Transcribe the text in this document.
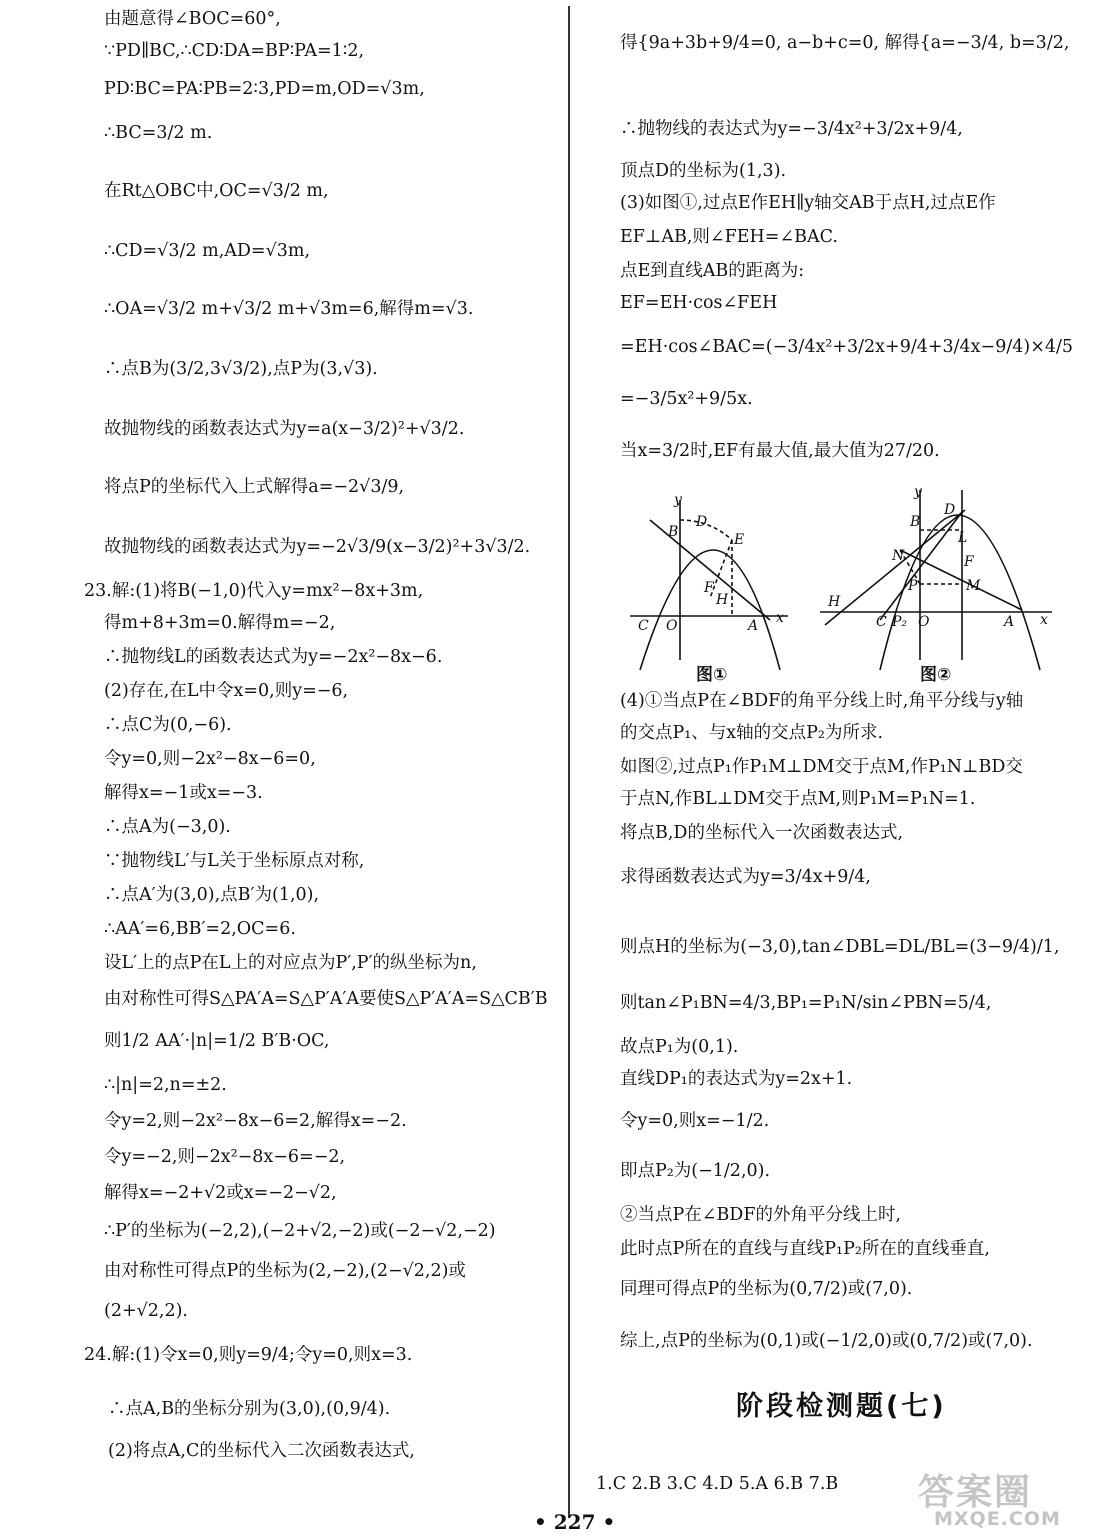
由题意得∠BOC=60°,
∵PD∥BC,∴CD∶DA=BP∶PA=1∶2,
PD∶BC=PA∶PB=2∶3,PD=m,OD=√3m,
∴BC=3/2 m.
在Rt△OBC中,OC=√3/2 m,
∴CD=√3/2 m,AD=√3m,
∴OA=√3/2 m+√3/2 m+√3m=6,解得m=√3.
∴点B为(3/2,3√3/2),点P为(3,√3).
故抛物线的函数表达式为y=a(x−3/2)²+√3/2.
将点P的坐标代入上式解得a=−2√3/9,
故抛物线的函数表达式为y=−2√3/9(x−3/2)²+3√3/2.
23.解:(1)将B(−1,0)代入y=mx²−8x+3m,
得m+8+3m=0.解得m=−2,
∴抛物线L的函数表达式为y=−2x²−8x−6.
(2)存在,在L中令x=0,则y=−6,
∴点C为(0,−6).
令y=0,则−2x²−8x−6=0,
解得x=−1或x=−3.
∴点A为(−3,0).
∵抛物线L′与L关于坐标原点对称,
∴点A′为(3,0),点B′为(1,0),
∴AA′=6,BB′=2,OC=6.
设L′上的点P在L上的对应点为P′,P′的纵坐标为n,
由对称性可得S△PA′A=S△P′A′A要使S△P′A′A=S△CB′B
则1/2 AA′·|n|=1/2 B′B·OC,
∴|n|=2,n=±2.
令y=2,则−2x²−8x−6=2,解得x=−2.
令y=−2,则−2x²−8x−6=−2,
解得x=−2+√2或x=−2−√2,
∴P′的坐标为(−2,2),(−2+√2,−2)或(−2−√2,−2)
由对称性可得点P的坐标为(2,−2),(2−√2,2)或
(2+√2,2).
24.解:(1)令x=0,则y=9/4;令y=0,则x=3.
∴点A,B的坐标分别为(3,0),(0,9/4).
(2)将点A,C的坐标代入二次函数表达式,
得{9a+3b+9/4=0, a−b+c=0, 解得{a=−3/4, b=3/2,
∴抛物线的表达式为y=−3/4x²+3/2x+9/4,
顶点D的坐标为(1,3).
(3)如图①,过点E作EH∥y轴交AB于点H,过点E作
EF⊥AB,则∠FEH=∠BAC.
点E到直线AB的距离为:
EF=EH·cos∠FEH
=EH·cos∠BAC=(−3/4x²+3/2x+9/4+3/4x−9/4)×4/5
=−3/5x²+9/5x.
当x=3/2时,EF有最大值,最大值为27/20.
(4)①当点P在∠BDF的角平分线上时,角平分线与y轴
的交点P₁、与x轴的交点P₂为所求.
如图②,过点P₁作P₁M⊥DM交于点M,作P₁N⊥BD交
于点N,作BL⊥DM交于点M,则P₁M=P₁N=1.
将点B,D的坐标代入一次函数表达式,
求得函数表达式为y=3/4x+9/4,
则点H的坐标为(−3,0),tan∠DBL=DL/BL=(3−9/4)/1,
则tan∠P₁BN=4/3,BP₁=P₁N/sin∠PBN=5/4,
故点P₁为(0,1).
直线DP₁的表达式为y=2x+1.
令y=0,则x=−1/2.
即点P₂为(−1/2,0).
②当点P在∠BDF的外角平分线上时,
此时点P所在的直线与直线P₁P₂所在的直线垂直,
同理可得点P的坐标为(0,7/2)或(7,0).
综上,点P的坐标为(0,1)或(−1/2,0)或(0,7/2)或(7,0).
y
B
D
E
F
H
C O	A x
y
D
B
L
N	F
P	M
H
C P₂ O	A x
图①	图②
阶段检测题(七)
1.C 2.B 3.C 4.D 5.A 6.B 7.B
• 227 •
答案圈
MXQE.COM
